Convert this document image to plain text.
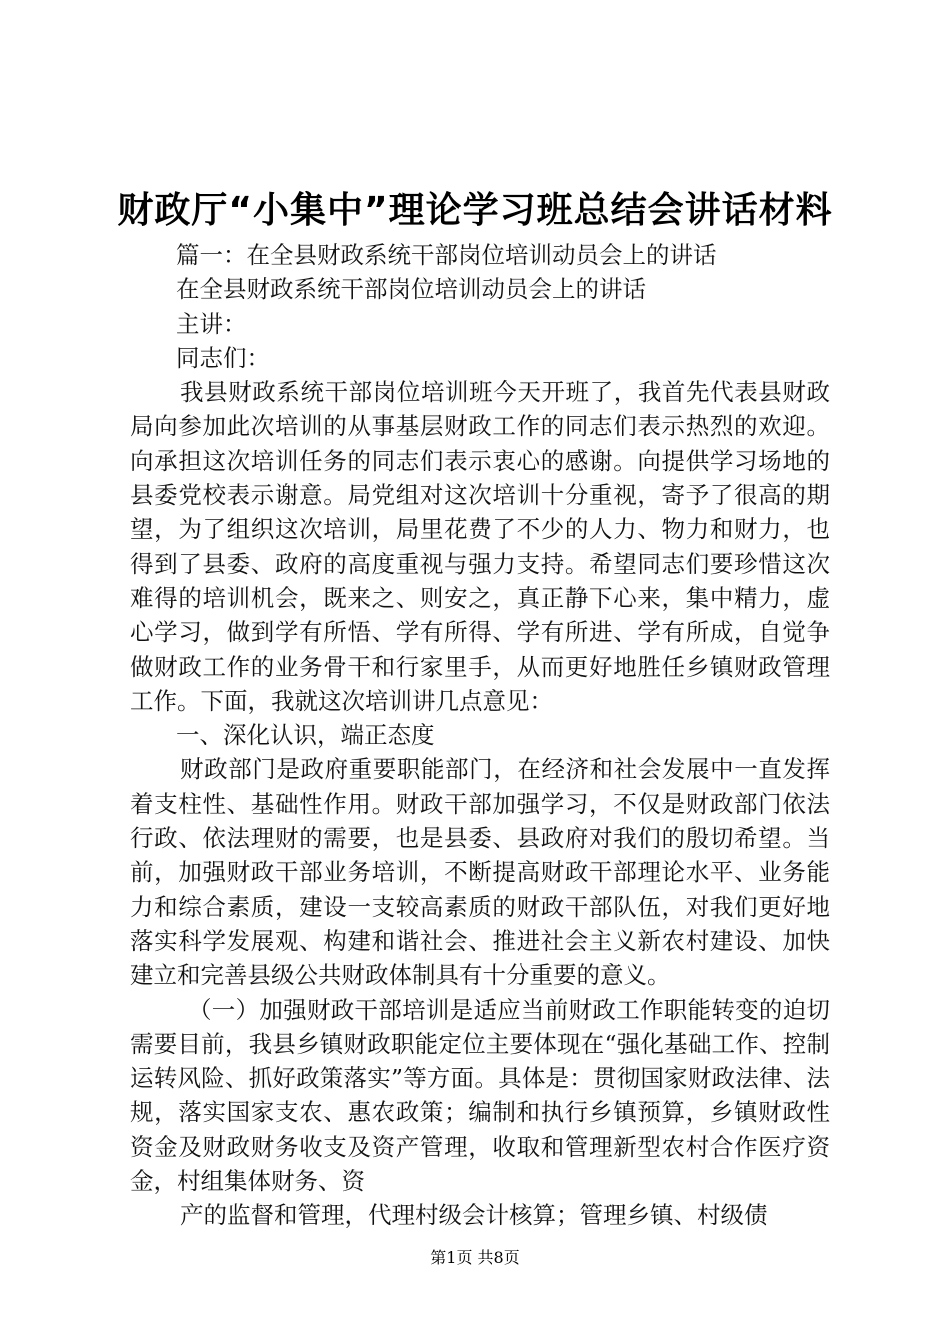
财政厅“小集中”理论学习班总结会讲话材料

篇一：在全县财政系统干部岗位培训动员会上的讲话

在全县财政系统干部岗位培训动员会上的讲话

主讲：

同志们：

我县财政系统干部岗位培训班今天开班了，我首先代表县财政局向参加此次培训的从事基层财政工作的同志们表示热烈的欢迎。向承担这次培训任务的同志们表示衷心的感谢。向提供学习场地的县委党校表示谢意。局党组对这次培训十分重视，寄予了很高的期望，为了组织这次培训，局里花费了不少的人力、物力和财力，也得到了县委、政府的高度重视与强力支持。希望同志们要珍惜这次难得的培训机会，既来之、则安之，真正静下心来，集中精力，虚心学习，做到学有所悟、学有所得、学有所进、学有所成，自觉争做财政工作的业务骨干和行家里手，从而更好地胜任乡镇财政管理工作。下面，我就这次培训讲几点意见：

一、深化认识，端正态度

财政部门是政府重要职能部门，在经济和社会发展中一直发挥着支柱性、基础性作用。财政干部加强学习，不仅是财政部门依法行政、依法理财的需要，也是县委、县政府对我们的殷切希望。当前，加强财政干部业务培训，不断提高财政干部理论水平、业务能力和综合素质，建设一支较高素质的财政干部队伍，对我们更好地落实科学发展观、构建和谐社会、推进社会主义新农村建设、加快建立和完善县级公共财政体制具有十分重要的意义。

（一）加强财政干部培训是适应当前财政工作职能转变的迫切需要目前，我县乡镇财政职能定位主要体现在“强化基础工作、控制运转风险、抓好政策落实”等方面。具体是：贯彻国家财政法律、法规，落实国家支农、惠农政策；编制和执行乡镇预算，乡镇财政性资金及财政财务收支及资产管理，收取和管理新型农村合作医疗资金，村组集体财务、资

产的监督和管理，代理村级会计核算；管理乡镇、村级债

第1页 共8页
